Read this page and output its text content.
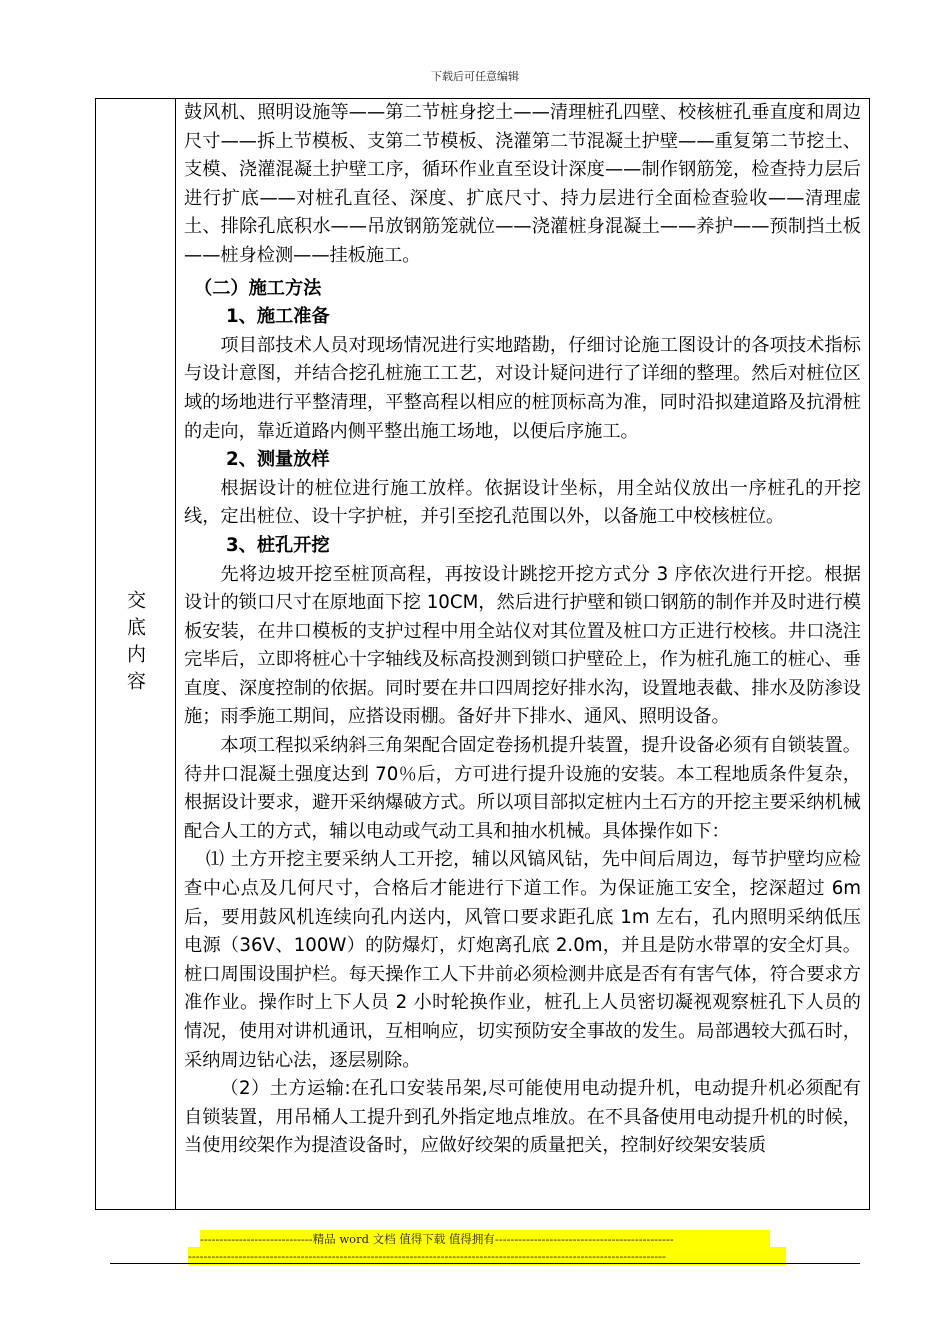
下载后可任意编辑
交底内容

鼓风机、照明设施等——第二节桩身挖土——清理桩孔四壁、校核桩孔垂直度和周边尺寸——拆上节模板、支第二节模板、浇灌第二节混凝土护壁——重复第二节挖土、支模、浇灌混凝土护壁工序，循环作业直至设计深度——制作钢筋笼，检查持力层后进行扩底——对桩孔直径、深度、扩底尺寸、持力层进行全面检查验收——清理虚土、排除孔底积水——吊放钢筋笼就位——浇灌桩身混凝土——养护——预制挡土板——桩身检测——挂板施工。

（二）施工方法

1、施工准备

项目部技术人员对现场情况进行实地踏勘，仔细讨论施工图设计的各项技术指标与设计意图，并结合挖孔桩施工工艺，对设计疑问进行了详细的整理。然后对桩位区域的场地进行平整清理，平整高程以相应的桩顶标高为准，同时沿拟建道路及抗滑桩的走向，靠近道路内侧平整出施工场地，以便后序施工。

2、测量放样

根据设计的桩位进行施工放样。依据设计坐标，用全站仪放出一序桩孔的开挖线，定出桩位、设十字护桩，并引至挖孔范围以外，以备施工中校核桩位。

3、桩孔开挖

先将边坡开挖至桩顶高程，再按设计跳挖开挖方式分 3 序依次进行开挖。根据设计的锁口尺寸在原地面下挖 10CM，然后进行护壁和锁口钢筋的制作并及时进行模板安装，在井口模板的支护过程中用全站仪对其位置及桩口方正进行校核。井口浇注完毕后，立即将桩心十字轴线及标高投测到锁口护壁砼上，作为桩孔施工的桩心、垂直度、深度控制的依据。同时要在井口四周挖好排水沟，设置地表截、排水及防渗设施；雨季施工期间，应搭设雨棚。备好井下排水、通风、照明设备。

本项工程拟采纳斜三角架配合固定卷扬机提升装置，提升设备必须有自锁装置。待井口混凝土强度达到 70％后，方可进行提升设施的安装。本工程地质条件复杂，根据设计要求，避开采纳爆破方式。所以项目部拟定桩内土石方的开挖主要采纳机械配合人工的方式，辅以电动或气动工具和抽水机械。具体操作如下：

⑴ 土方开挖主要采纳人工开挖，辅以风镐风钻，先中间后周边，每节护壁均应检查中心点及几何尺寸，合格后才能进行下道工作。为保证施工安全，挖深超过 6m 后，要用鼓风机连续向孔内送内，风管口要求距孔底 1m 左右，孔内照明采纳低压电源（36V、100W）的防爆灯，灯炮离孔底 2.0m，并且是防水带罩的安全灯具。桩口周围设围护栏。每天操作工人下井前必须检测井底是否有有害气体，符合要求方准作业。操作时上下人员 2 小时轮换作业，桩孔上人员密切凝视观察桩孔下人员的情况，使用对讲机通讯，互相响应，切实预防安全事故的发生。局部遇较大孤石时，采纳周边钻心法，逐层剔除。

（2）土方运输:在孔口安装吊架,尽可能使用电动提升机，电动提升机必须配有自锁装置，用吊桶人工提升到孔外指定地点堆放。在不具备使用电动提升机的时候，当使用绞架作为提渣设备时，应做好绞架的质量把关，控制好绞架安装质

-----------------------------精品 word 文档 值得下载 值得拥有----------------------------------------------
---------------------------------------------------------------------------------------------------------------------------
